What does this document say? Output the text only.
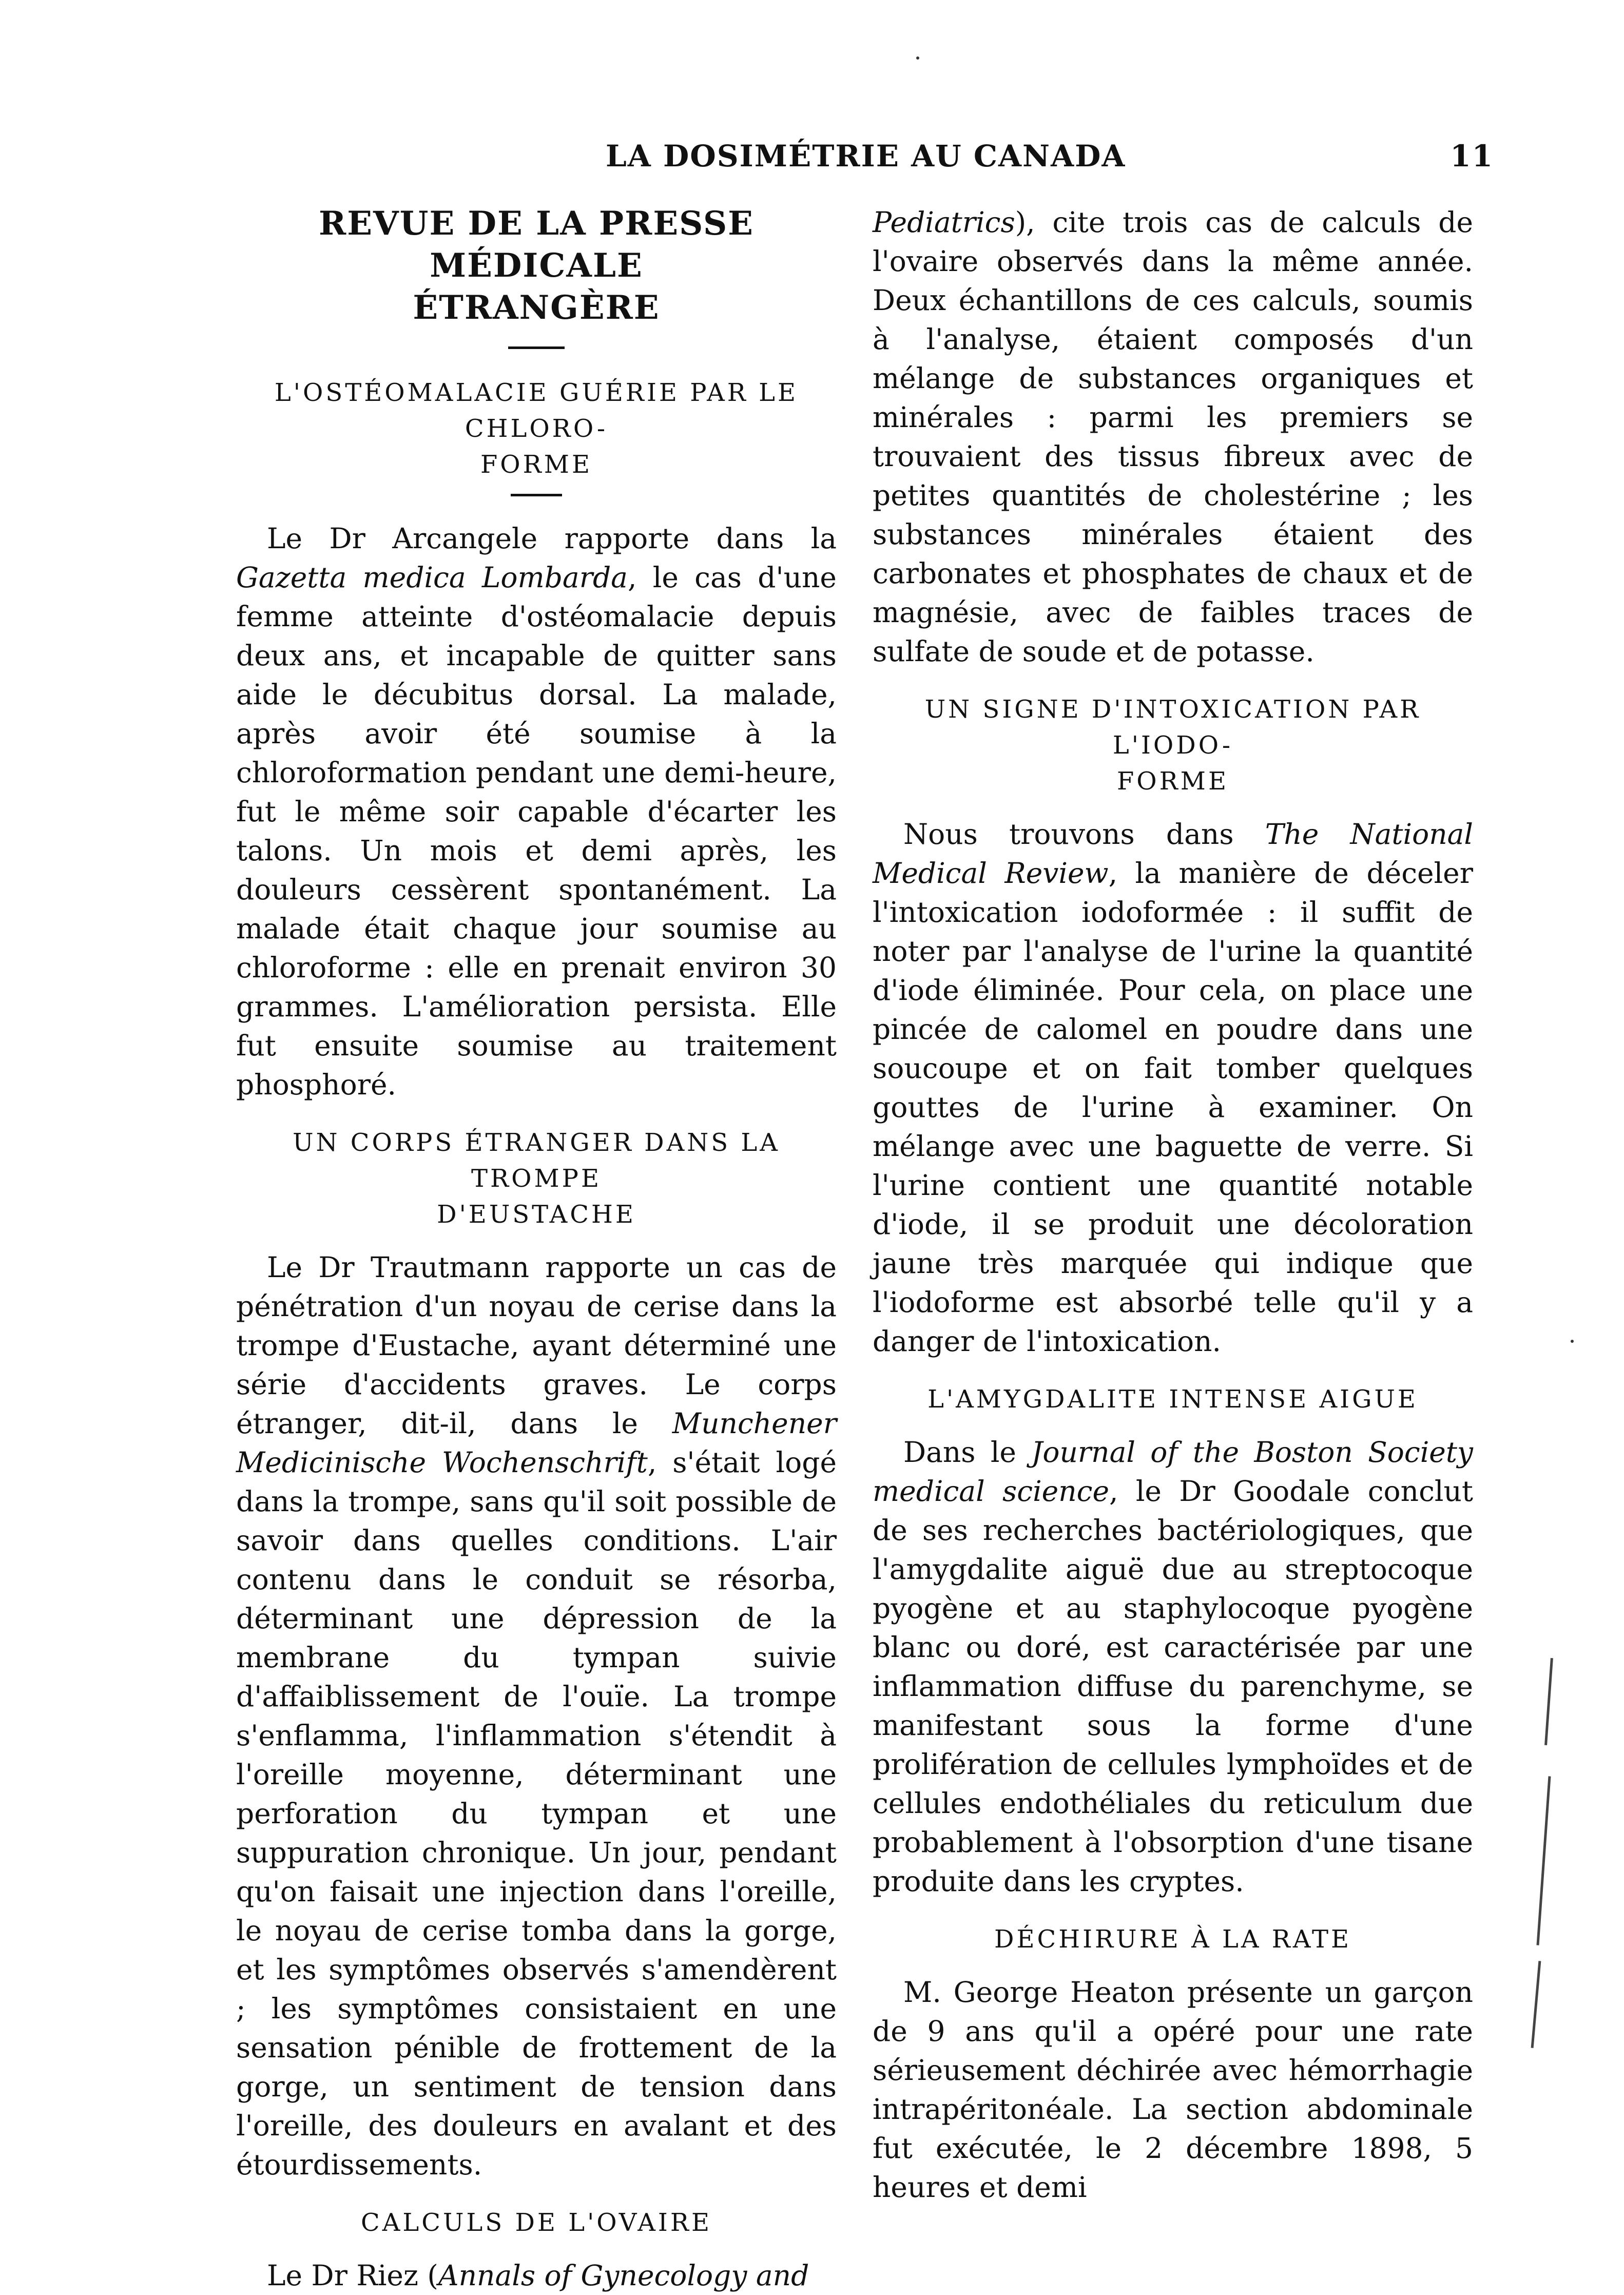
LA DOSIMÉTRIE AU CANADA	11
REVUE DE LA PRESSE MÉDICALE
ÉTRANGÈRE
L'OSTÉOMALACIE GUÉRIE PAR LE CHLORO-
FORME

Le Dr Arcangele rapporte dans la Gazetta medica Lombarda, le cas d'une femme atteinte d'ostéomalacie depuis deux ans, et incapable de quitter sans aide le décubitus dorsal. La malade, après avoir été soumise à la chloroformation pendant une demi-heure, fut le même soir capable d'écarter les talons. Un mois et demi après, les douleurs cessèrent spontanément. La malade était chaque jour soumise au chloroforme : elle en prenait environ 30 grammes. L'amélioration persista. Elle fut ensuite soumise au traitement phosphoré.

UN CORPS ÉTRANGER DANS LA TROMPE
D'EUSTACHE

Le Dr Trautmann rapporte un cas de pénétration d'un noyau de cerise dans la trompe d'Eustache, ayant déterminé une série d'accidents graves. Le corps étranger, dit-il, dans le Munchener Medicinische Wochenschrift, s'était logé dans la trompe, sans qu'il soit possible de savoir dans quelles conditions. L'air contenu dans le conduit se résorba, déterminant une dépression de la membrane du tympan suivie d'affaiblissement de l'ouïe. La trompe s'enflamma, l'inflammation s'étendit à l'oreille moyenne, déterminant une perforation du tympan et une suppuration chronique. Un jour, pendant qu'on faisait une injection dans l'oreille, le noyau de cerise tomba dans la gorge, et les symptômes observés s'amendèrent ; les symptômes consistaient en une sensation pénible de frottement de la gorge, un sentiment de tension dans l'oreille, des douleurs en avalant et des étourdissements.

CALCULS DE L'OVAIRE

Le Dr Riez (Annals of Gynecology and

Pediatrics), cite trois cas de calculs de l'ovaire observés dans la même année. Deux échantillons de ces calculs, soumis à l'analyse, étaient composés d'un mélange de substances organiques et minérales : parmi les premiers se trouvaient des tissus fibreux avec de petites quantités de cholestérine ; les substances minérales étaient des carbonates et phosphates de chaux et de magnésie, avec de faibles traces de sulfate de soude et de potasse.

UN SIGNE D'INTOXICATION PAR L'IODO-
FORME

Nous trouvons dans The National Medical Review, la manière de déceler l'intoxication iodoformée : il suffit de noter par l'analyse de l'urine la quantité d'iode éliminée. Pour cela, on place une pincée de calomel en poudre dans une soucoupe et on fait tomber quelques gouttes de l'urine à examiner. On mélange avec une baguette de verre. Si l'urine contient une quantité notable d'iode, il se produit une décoloration jaune très marquée qui indique que l'iodoforme est absorbé telle qu'il y a danger de l'intoxication.

L'AMYGDALITE INTENSE AIGUE

Dans le Journal of the Boston Society medical science, le Dr Goodale conclut de ses recherches bactériologiques, que l'amygdalite aiguë due au streptocoque pyogène et au staphylocoque pyogène blanc ou doré, est caractérisée par une inflammation diffuse du parenchyme, se manifestant sous la forme d'une prolifération de cellules lymphoïdes et de cellules endothéliales du reticulum due probablement à l'obsorption d'une tisane produite dans les cryptes.

DÉCHIRURE À LA RATE

M. George Heaton présente un garçon de 9 ans qu'il a opéré pour une rate sérieusement déchirée avec hémorrhagie intrapéritonéale. La section abdominale fut exécutée, le 2 décembre 1898, 5 heures et demi
